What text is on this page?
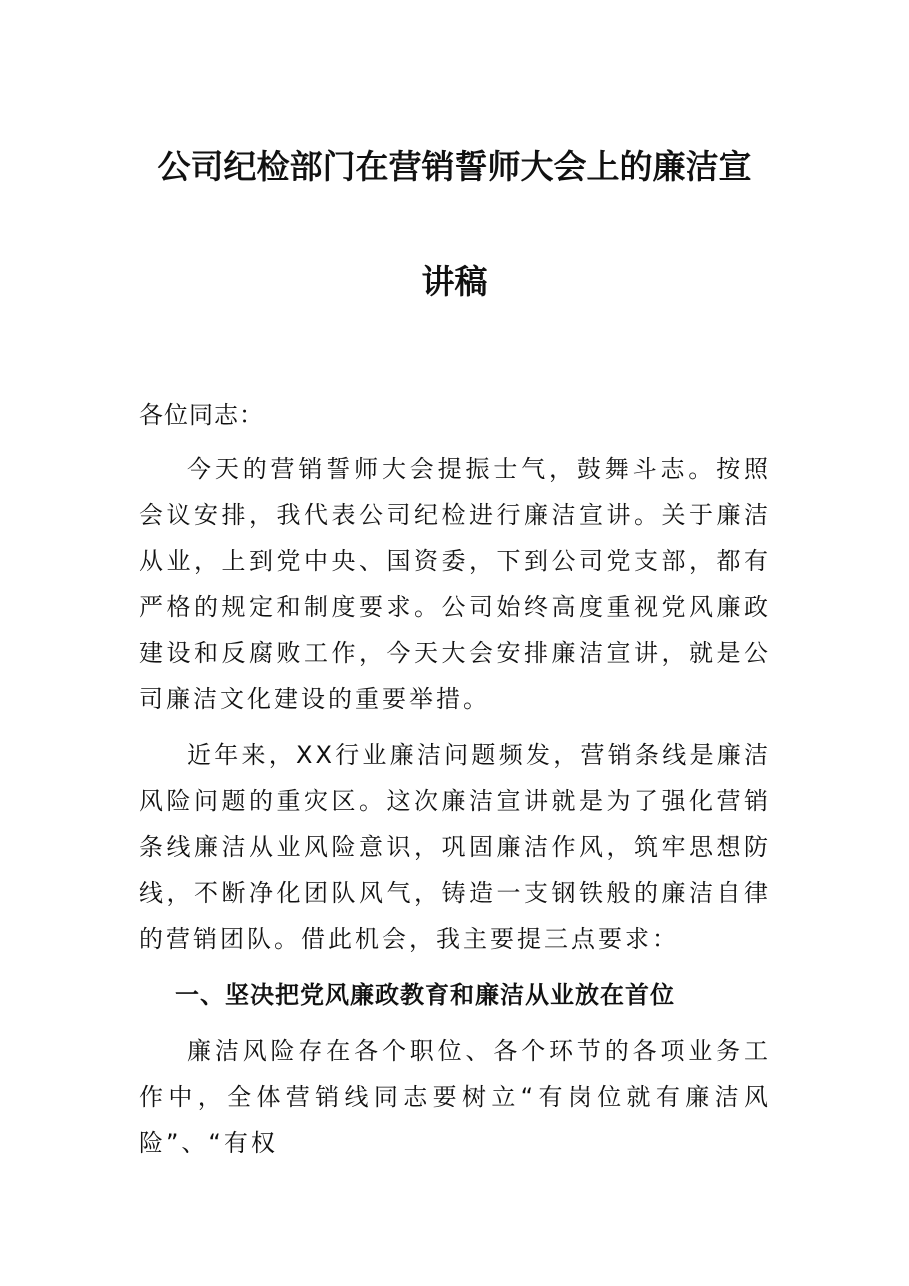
公司纪检部门在营销誓师大会上的廉洁宣
讲稿

各位同志：

今天的营销誓师大会提振士气，鼓舞斗志。按照会议安排，我代表公司纪检进行廉洁宣讲。关于廉洁从业，上到党中央、国资委，下到公司党支部，都有严格的规定和制度要求。公司始终高度重视党风廉政建设和反腐败工作，今天大会安排廉洁宣讲，就是公司廉洁文化建设的重要举措。

近年来，XX行业廉洁问题频发，营销条线是廉洁风险问题的重灾区。这次廉洁宣讲就是为了强化营销条线廉洁从业风险意识，巩固廉洁作风，筑牢思想防线，不断净化团队风气，铸造一支钢铁般的廉洁自律的营销团队。借此机会，我主要提三点要求：

一、坚决把党风廉政教育和廉洁从业放在首位

廉洁风险存在各个职位、各个环节的各项业务工作中，全体营销线同志要树立“有岗位就有廉洁风险”、“有权
